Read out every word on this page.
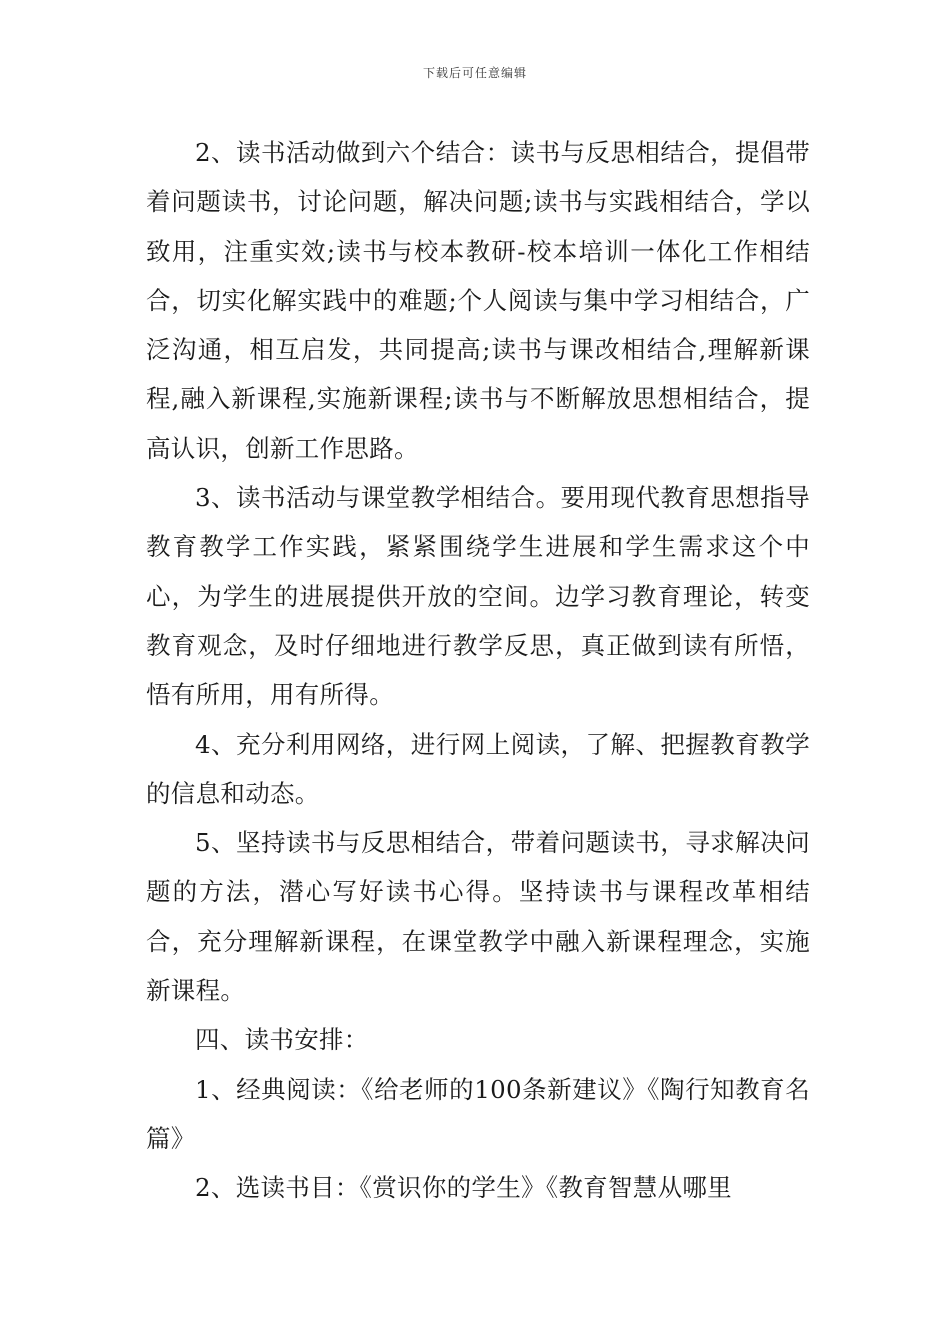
下载后可任意编辑

2、读书活动做到六个结合：读书与反思相结合，提倡带着问题读书，讨论问题，解决问题;读书与实践相结合，学以致用，注重实效;读书与校本教研-校本培训一体化工作相结合，切实化解实践中的难题;个人阅读与集中学习相结合，广泛沟通，相互启发，共同提高;读书与课改相结合,理解新课程,融入新课程,实施新课程;读书与不断解放思想相结合，提高认识，创新工作思路。

3、读书活动与课堂教学相结合。要用现代教育思想指导教育教学工作实践，紧紧围绕学生进展和学生需求这个中心，为学生的进展提供开放的空间。边学习教育理论，转变教育观念，及时仔细地进行教学反思，真正做到读有所悟，悟有所用，用有所得。

4、充分利用网络，进行网上阅读，了解、把握教育教学的信息和动态。

5、坚持读书与反思相结合，带着问题读书，寻求解决问题的方法，潜心写好读书心得。坚持读书与课程改革相结合，充分理解新课程，在课堂教学中融入新课程理念，实施新课程。

四、读书安排：

1、经典阅读：《给老师的100条新建议》《陶行知教育名篇》

2、选读书目：《赏识你的学生》《教育智慧从哪里
